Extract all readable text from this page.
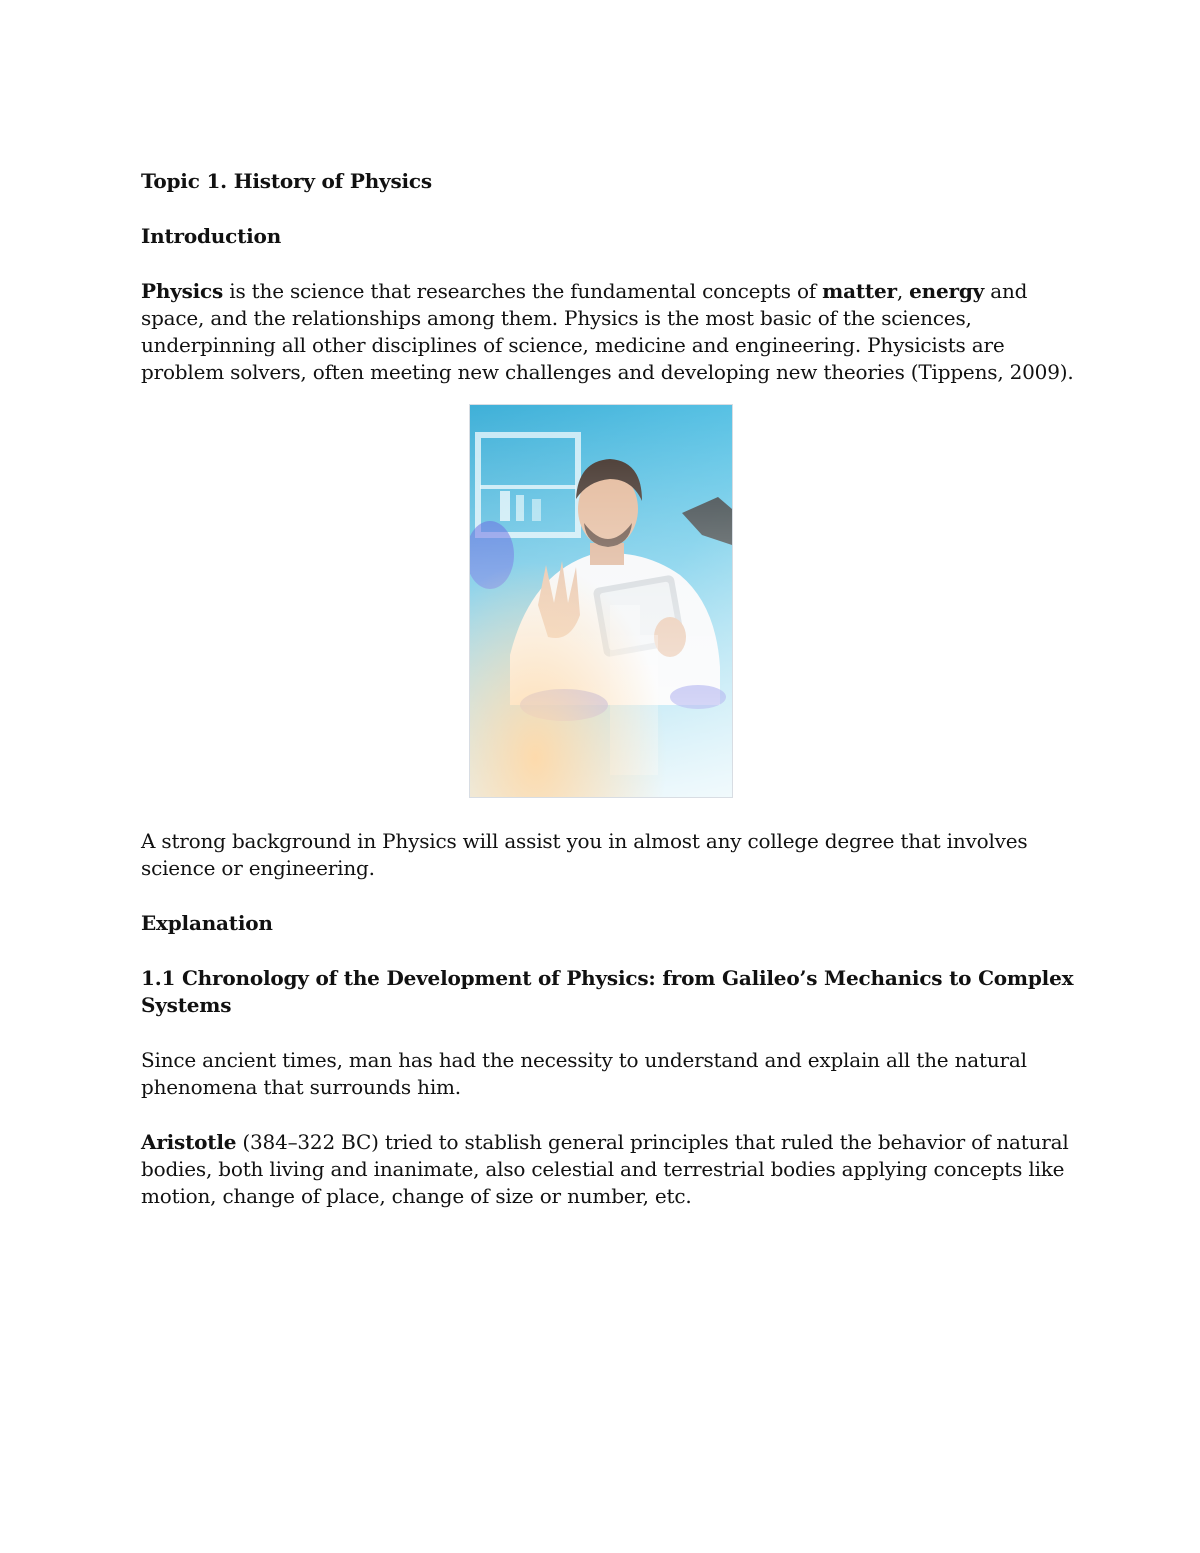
Topic 1. History of Physics

Introduction

Physics is the science that researches the fundamental concepts of matter, energy and space, and the relationships among them. Physics is the most basic of the sciences, underpinning all other disciplines of science, medicine and engineering. Physicists are problem solvers, often meeting new challenges and developing new theories (Tippens, 2009).

A strong background in Physics will assist you in almost any college degree that involves science or engineering.

Explanation

1.1 Chronology of the Development of Physics: from Galileo’s Mechanics to Complex Systems

Since ancient times, man has had the necessity to understand and explain all the natural phenomena that surrounds him.

Aristotle (384–322 BC) tried to stablish general principles that ruled the behavior of natural bodies, both living and inanimate, also celestial and terrestrial bodies applying concepts like motion, change of place, change of size or number, etc.
